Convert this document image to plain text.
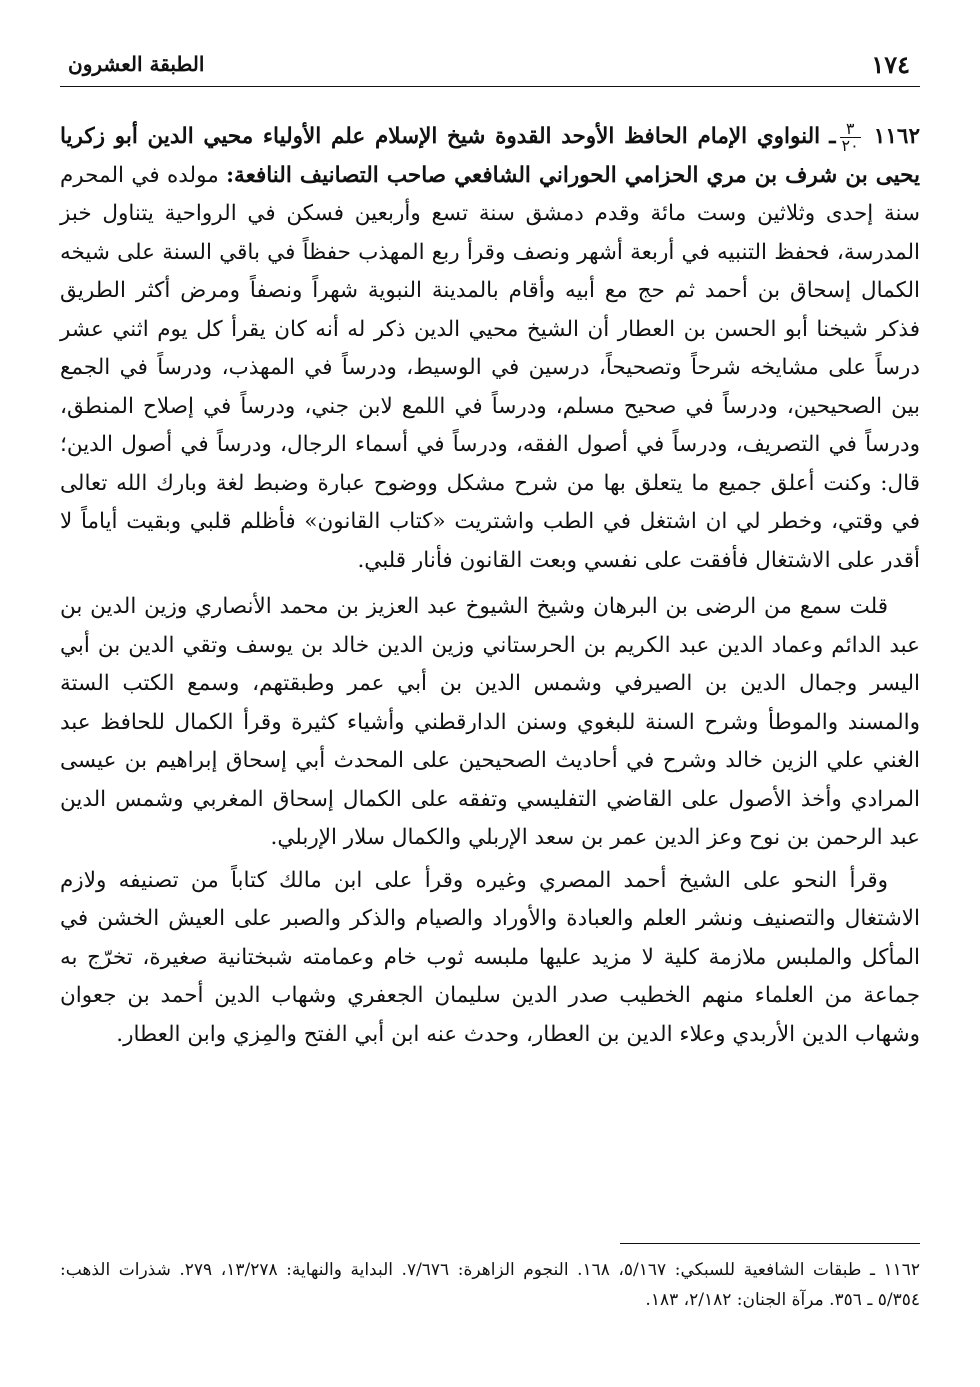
١٧٤
الطبقة العشرون

١١٦٢
$\frac{٣}{٢٠}$
ـ النواوي الإمام الحافظ الأوحد القدوة شيخ الإسلام علم الأولياء محيي الدين أبو زكريا يحيى بن شرف بن مري الحزامي الحوراني الشافعي صاحب التصانيف النافعة: مولده في المحرم سنة إحدى وثلاثين وست مائة وقدم دمشق سنة تسع وأربعين فسكن في الرواحية يتناول خبز المدرسة، فحفظ التنبيه في أربعة أشهر ونصف وقرأ ربع المهذب حفظاً في باقي السنة على شيخه الكمال إسحاق بن أحمد ثم حج مع أبيه وأقام بالمدينة النبوية شهراً ونصفاً ومرض أكثر الطريق فذكر شيخنا أبو الحسن بن العطار أن الشيخ محيي الدين ذكر له أنه كان يقرأ كل يوم اثني عشر درساً على مشايخه شرحاً وتصحيحاً، درسين في الوسيط، ودرساً في المهذب، ودرساً في الجمع بين الصحيحين، ودرساً في صحيح مسلم، ودرساً في اللمع لابن جني، ودرساً في إصلاح المنطق، ودرساً في التصريف، ودرساً في أصول الفقه، ودرساً في أسماء الرجال، ودرساً في أصول الدين؛ قال: وكنت أعلق جميع ما يتعلق بها من شرح مشكل ووضوح عبارة وضبط لغة وبارك الله تعالى في وقتي، وخطر لي ان اشتغل في الطب واشتريت «كتاب القانون» فأظلم قلبي وبقيت أياماً لا أقدر على الاشتغال فأفقت على نفسي وبعت القانون فأنار قلبي.

قلت سمع من الرضى بن البرهان وشيخ الشيوخ عبد العزيز بن محمد الأنصاري وزين الدين بن عبد الدائم وعماد الدين عبد الكريم بن الحرستاني وزين الدين خالد بن يوسف وتقي الدين بن أبي اليسر وجمال الدين بن الصيرفي وشمس الدين بن أبي عمر وطبقتهم، وسمع الكتب الستة والمسند والموطأ وشرح السنة للبغوي وسنن الدارقطني وأشياء كثيرة وقرأ الكمال للحافظ عبد الغني علي الزين خالد وشرح في أحاديث الصحيحين على المحدث أبي إسحاق إبراهيم بن عيسى المرادي وأخذ الأصول على القاضي التفليسي وتفقه على الكمال إسحاق المغربي وشمس الدين عبد الرحمن بن نوح وعز الدين عمر بن سعد الإربلي والكمال سلار الإربلي.

وقرأ النحو على الشيخ أحمد المصري وغيره وقرأ على ابن مالك كتاباً من تصنيفه ولازم الاشتغال والتصنيف ونشر العلم والعبادة والأوراد والصيام والذكر والصبر على العيش الخشن في المأكل والملبس ملازمة كلية لا مزيد عليها ملبسه ثوب خام وعمامته شبختانية صغيرة، تخرّج به جماعة من العلماء منهم الخطيب صدر الدين سليمان الجعفري وشهاب الدين أحمد بن جعوان وشهاب الدين الأربدي وعلاء الدين بن العطار، وحدث عنه ابن أبي الفتح والمِزي وابن العطار.

١١٦٢ ـ طبقات الشافعية للسبكي: ٥/١٦٧، ١٦٨. النجوم الزاهرة: ٧/٦٧٦. البداية والنهاية: ١٣/٢٧٨، ٢٧٩. شذرات الذهب: ٥/٣٥٤ ـ ٣٥٦. مرآة الجنان: ٢/١٨٢، ١٨٣.
